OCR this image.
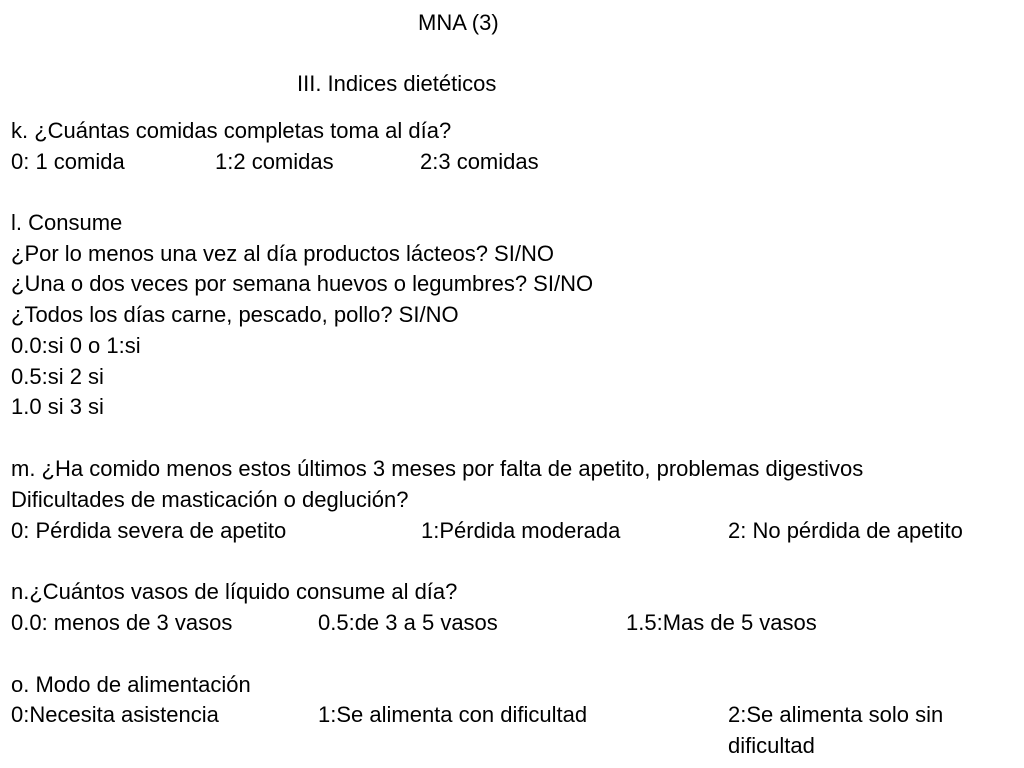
MNA (3)
III. Indices dietéticos
k. ¿Cuántas comidas completas toma al día?
0: 1 comida	1:2 comidas	2:3 comidas
l. Consume
¿Por lo menos una vez al día productos lácteos? SI/NO
¿Una o dos veces por semana huevos o legumbres? SI/NO
¿Todos los días carne, pescado, pollo? SI/NO
0.0:si 0 o 1:si
0.5:si 2 si
1.0 si 3 si
m. ¿Ha comido menos estos últimos 3 meses por falta de apetito, problemas digestivos
Dificultades de masticación o deglución?
0: Pérdida severa de apetito	1:Pérdida moderada	2: No pérdida de apetito
n.¿Cuántos vasos de líquido consume al día?
0.0: menos de 3 vasos	0.5:de 3 a 5 vasos	1.5:Mas de 5 vasos
o. Modo de alimentación
0:Necesita asistencia	1:Se alimenta con dificultad	2:Se alimenta solo sin
dificultad
